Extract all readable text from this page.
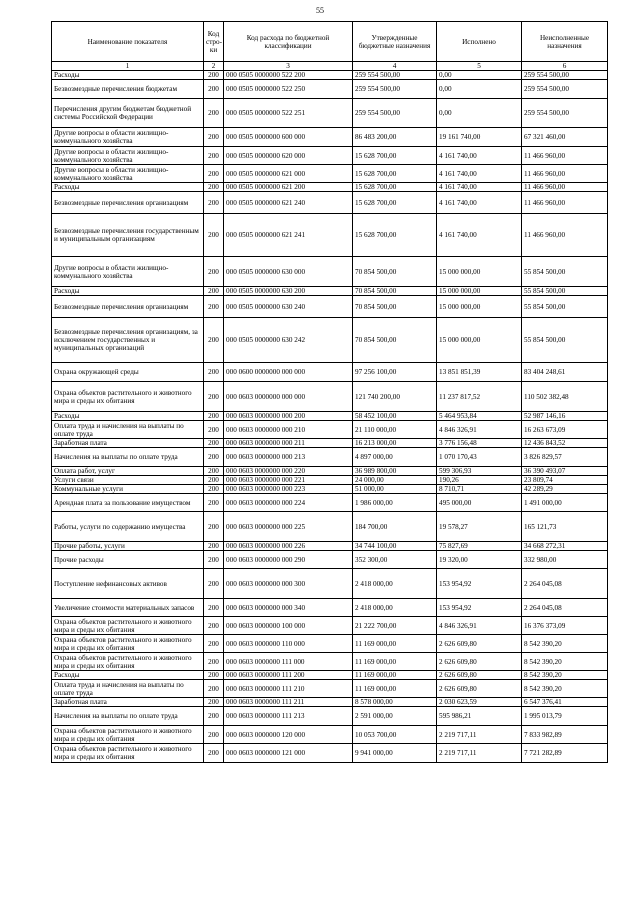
55
Наименование показателя	Код стро-ки	Код расхода по бюджетной классификации	Утвержденные бюджетные назначения	Исполнено	Неисполненные назначения
1	2	3	4	5	6
Расходы	200	000 0505 0000000 522 200	259 554 500,00	0,00	259 554 500,00
Безвозмездные перечисления бюджетам	200	000 0505 0000000 522 250	259 554 500,00	0,00	259 554 500,00
Перечисления другим бюджетам бюджетной системы Российской Федерации	200	000 0505 0000000 522 251	259 554 500,00	0,00	259 554 500,00
Другие вопросы в области жилищно-коммунального хозяйства	200	000 0505 0000000 600 000	86 483 200,00	19 161 740,00	67 321 460,00
Другие вопросы в области жилищно-коммунального хозяйства	200	000 0505 0000000 620 000	15 628 700,00	4 161 740,00	11 466 960,00
Другие вопросы в области жилищно-коммунального хозяйства	200	000 0505 0000000 621 000	15 628 700,00	4 161 740,00	11 466 960,00
Расходы	200	000 0505 0000000 621 200	15 628 700,00	4 161 740,00	11 466 960,00
Безвозмездные перечисления организациям	200	000 0505 0000000 621 240	15 628 700,00	4 161 740,00	11 466 960,00
Безвозмездные перечисления государственным и муниципальным организациям	200	000 0505 0000000 621 241	15 628 700,00	4 161 740,00	11 466 960,00
Другие вопросы в области жилищно-коммунального хозяйства	200	000 0505 0000000 630 000	70 854 500,00	15 000 000,00	55 854 500,00
Расходы	200	000 0505 0000000 630 200	70 854 500,00	15 000 000,00	55 854 500,00
Безвозмездные перечисления организациям	200	000 0505 0000000 630 240	70 854 500,00	15 000 000,00	55 854 500,00
Безвозмездные перечисления организациям, за исключением государственных и муниципальных организаций	200	000 0505 0000000 630 242	70 854 500,00	15 000 000,00	55 854 500,00
Охрана окружающей среды	200	000 0600 0000000 000 000	97 256 100,00	13 851 851,39	83 404 248,61
Охрана объектов растительного и животного мира и среды их обитания	200	000 0603 0000000 000 000	121 740 200,00	11 237 817,52	110 502 382,48
Расходы	200	000 0603 0000000 000 200	58 452 100,00	5 464 953,84	52 987 146,16
Оплата труда и начисления на выплаты по оплате труда	200	000 0603 0000000 000 210	21 110 000,00	4 846 326,91	16 263 673,09
Заработная плата	200	000 0603 0000000 000 211	16 213 000,00	3 776 156,48	12 436 843,52
Начисления на выплаты по оплате труда	200	000 0603 0000000 000 213	4 897 000,00	1 070 170,43	3 826 829,57
Оплата работ, услуг	200	000 0603 0000000 000 220	36 989 800,00	599 306,93	36 390 493,07
Услуги связи	200	000 0603 0000000 000 221	24 000,00	190,26	23 809,74
Коммунальные услуги	200	000 0603 0000000 000 223	51 000,00	8 710,71	42 289,29
Арендная плата за пользование имуществом	200	000 0603 0000000 000 224	1 986 000,00	495 000,00	1 491 000,00
Работы, услуги по содержанию имущества	200	000 0603 0000000 000 225	184 700,00	19 578,27	165 121,73
Прочие работы, услуги	200	000 0603 0000000 000 226	34 744 100,00	75 827,69	34 668 272,31
Прочие расходы	200	000 0603 0000000 000 290	352 300,00	19 320,00	332 980,00
Поступление нефинансовых активов	200	000 0603 0000000 000 300	2 418 000,00	153 954,92	2 264 045,08
Увеличение стоимости материальных запасов	200	000 0603 0000000 000 340	2 418 000,00	153 954,92	2 264 045,08
Охрана объектов растительного и животного мира и среды их обитания	200	000 0603 0000000 100 000	21 222 700,00	4 846 326,91	16 376 373,09
Охрана объектов растительного и животного мира и среды их обитания	200	000 0603 0000000 110 000	11 169 000,00	2 626 609,80	8 542 390,20
Охрана объектов растительного и животного мира и среды их обитания	200	000 0603 0000000 111 000	11 169 000,00	2 626 609,80	8 542 390,20
Расходы	200	000 0603 0000000 111 200	11 169 000,00	2 626 609,80	8 542 390,20
Оплата труда и начисления на выплаты по оплате труда	200	000 0603 0000000 111 210	11 169 000,00	2 626 609,80	8 542 390,20
Заработная плата	200	000 0603 0000000 111 211	8 578 000,00	2 030 623,59	6 547 376,41
Начисления на выплаты по оплате труда	200	000 0603 0000000 111 213	2 591 000,00	595 986,21	1 995 013,79
Охрана объектов растительного и животного мира и среды их обитания	200	000 0603 0000000 120 000	10 053 700,00	2 219 717,11	7 833 982,89
Охрана объектов растительного и животного мира и среды их обитания	200	000 0603 0000000 121 000	9 941 000,00	2 219 717,11	7 721 282,89
